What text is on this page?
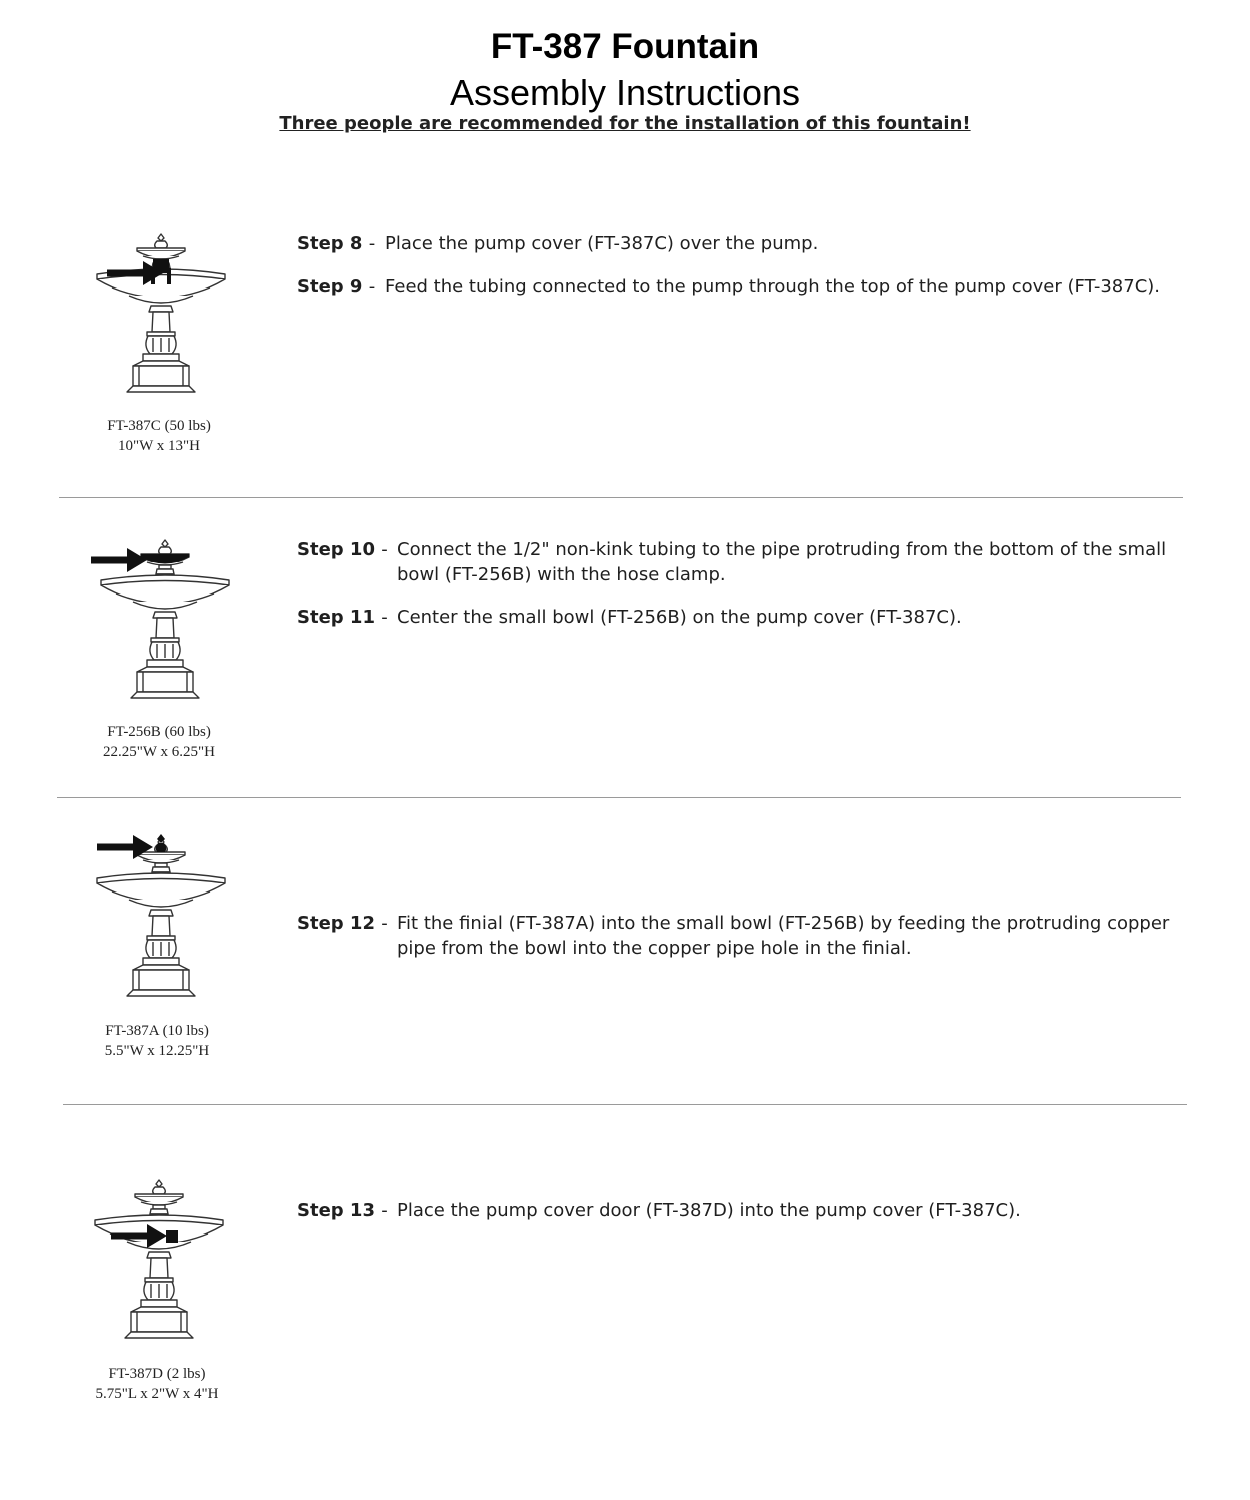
FT-387 Fountain
Assembly Instructions
Three people are recommended for the installation of this fountain!
FT-387C (50 lbs)
10"W x 13"H
Step 8 - Place the pump cover (FT-387C) over the pump.
Step 9 - Feed the tubing connected to the pump through the top of the pump cover (FT-387C).
FT-256B (60 lbs)
22.25"W x 6.25"H
Step 10 - Connect the 1/2" non-kink tubing to the pipe protruding from the bottom of the small bowl (FT-256B) with the hose clamp.
Step 11 - Center the small bowl (FT-256B) on the pump cover (FT-387C).
FT-387A (10 lbs)
5.5"W x 12.25"H
Step 12 - Fit the finial (FT-387A) into the small bowl (FT-256B) by feeding the protruding copper pipe from the bowl into the copper pipe hole in the finial.
FT-387D (2 lbs)
5.75"L x 2"W x 4"H
Step 13 - Place the pump cover door (FT-387D) into the pump cover (FT-387C).
